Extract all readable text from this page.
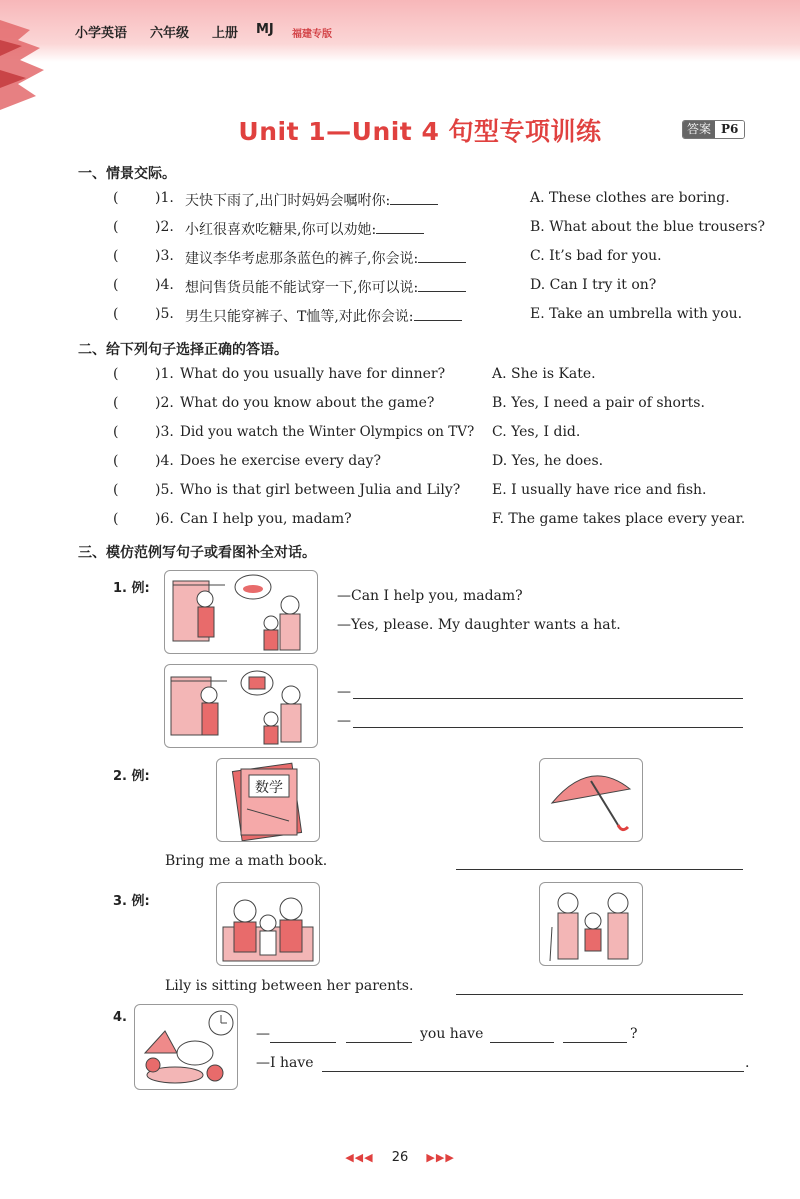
小学英语 六年级 上册 MJ 福建专版
Unit 1—Unit 4 句型专项训练	答案 P6
一、情景交际。
(	)1. 天快下雨了,出门时妈妈会嘱咐你:	A. These clothes are boring.
(	)2. 小红很喜欢吃糖果,你可以劝她:	B. What about the blue trousers?
(	)3. 建议李华考虑那条蓝色的裤子,你会说:	C. It’s bad for you.
(	)4. 想问售货员能不能试穿一下,你可以说:	D. Can I try it on?
(	)5. 男生只能穿裤子、T恤等,对此你会说:	E. Take an umbrella with you.
二、给下列句子选择正确的答语。
(	)1. What do you usually have for dinner?	A. She is Kate.
(	)2. What do you know about the game?	B. Yes, I need a pair of shorts.
(	)3. Did you watch the Winter Olympics on TV? C. Yes, I did.
(	)4. Does he exercise every day?	D. Yes, he does.
(	)5. Who is that girl between Julia and Lily? E. I usually have rice and fish.
(	)6. Can I help you, madam?	F. The game takes place every year.
三、模仿范例写句子或看图补全对话。
1. 例:	—Can I help you, madam?
—Yes, please. My daughter wants a hat.
—
—
2. 例:
数学
Bring me a math book.
3. 例:
Lily is sitting between her parents.
4.
—	you have	?
—I have	.
◀◀◀ 26 ▶▶▶
